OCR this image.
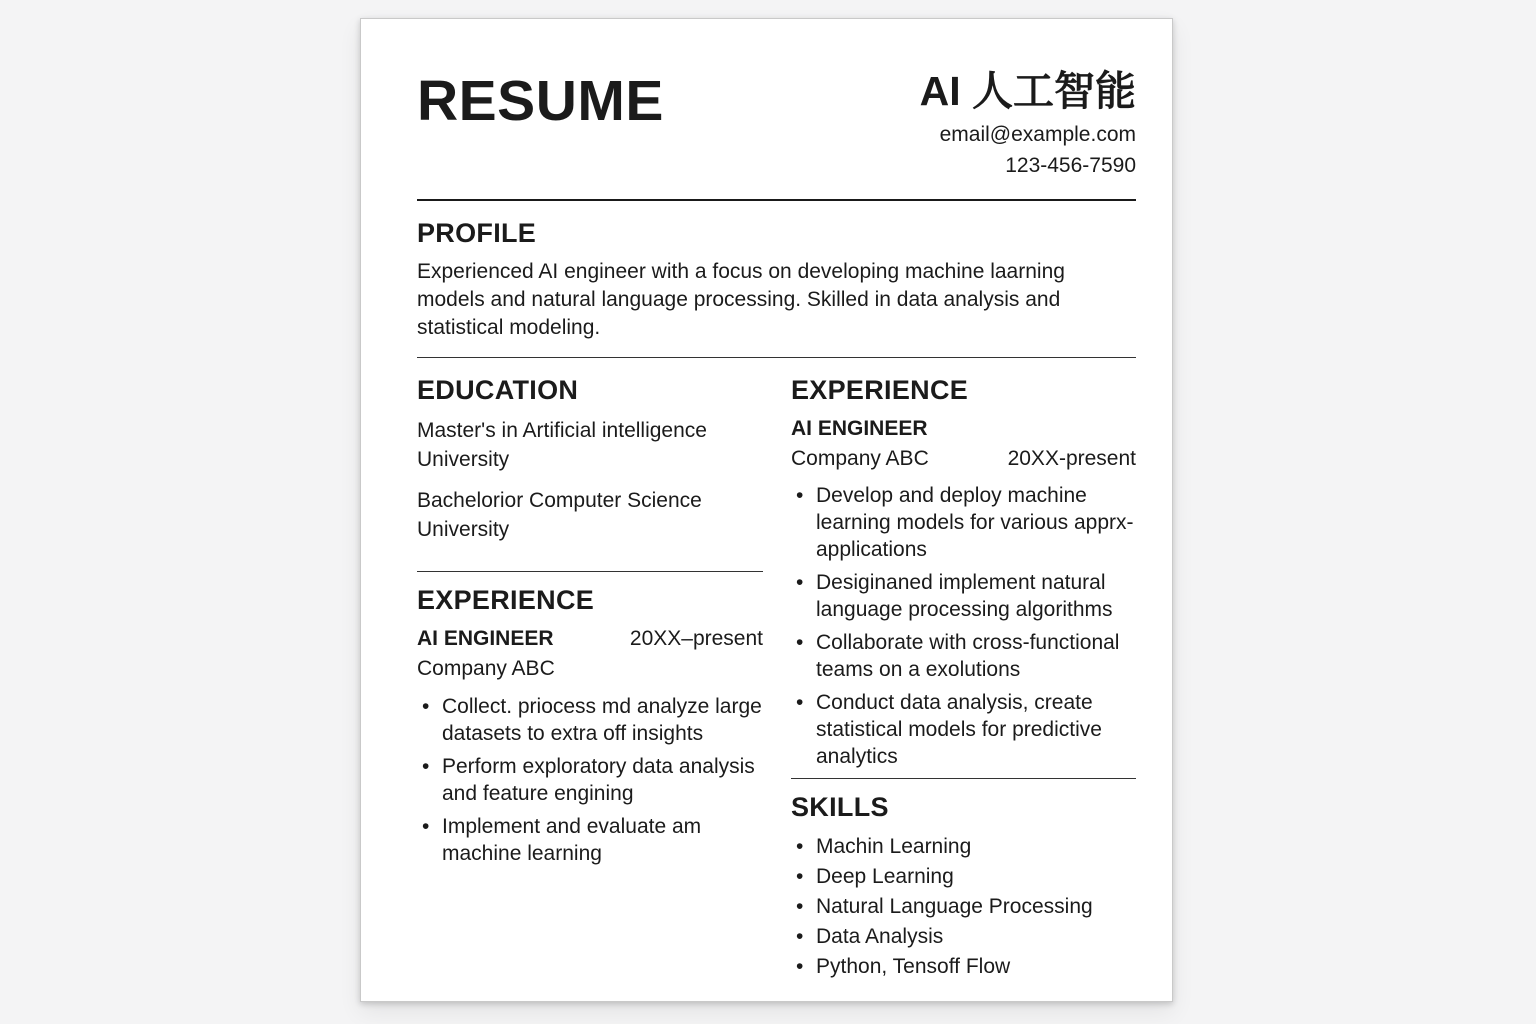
RESUME	AI 人工智能
email@example.com
123-456-7590
PROFILE
Experienced AI engineer with a focus on developing machine laarning models and natural language processing. Skilled in data analysis and statistical modeling.
EDUCATION
Master's in Artificial intelligence
University
Bachelorior Computer Science
University
EXPERIENCE
AI ENGINEER	20XX–present
Company ABC
• Collect. priocess md analyze large datasets to extra off insights
• Perform exploratory data analysis and feature engining
• Implement and evaluate am machine learning
EXPERIENCE
AI ENGINEER
Company ABC	20XX-present
• Develop and deploy machine learning models for various apprx-applications
• Desiginaned implement natural language processing algorithms
• Collaborate with cross-functional teams on a exolutions
• Conduct data analysis, create statistical models for predictive analytics
SKILLS
• Machin Learning
• Deep Learning
• Natural Language Processing
• Data Analysis
• Python, Tensoff Flow
